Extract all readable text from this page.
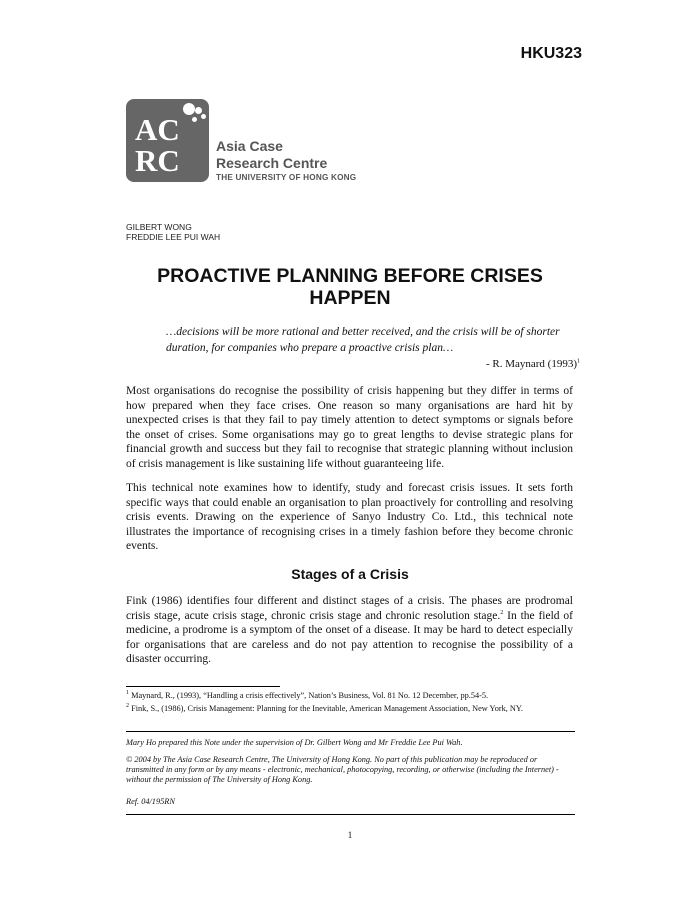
HKU323
AC
RC	Asia Case
Research Centre
THE UNIVERSITY OF HONG KONG
GILBERT WONG
FREDDIE LEE PUI WAH
PROACTIVE PLANNING BEFORE CRISES
HAPPEN
…decisions will be more rational and better received, and the crisis will be of shorter duration, for companies who prepare a proactive crisis plan…
- R. Maynard $(1993)^1$
Most organisations do recognise the possibility of crisis happening but they differ in terms of how prepared when they face crises. One reason so many organisations are hard hit by unexpected crises is that they fail to pay timely attention to detect symptoms or signals before the onset of crises. Some organisations may go to great lengths to devise strategic plans for financial growth and success but they fail to recognise that strategic planning without inclusion of crisis management is like sustaining life without guaranteeing life.
This technical note examines how to identify, study and forecast crisis issues. It sets forth specific ways that could enable an organisation to plan proactively for controlling and resolving crisis events. Drawing on the experience of Sanyo Industry Co. Ltd., this technical note illustrates the importance of recognising crises in a timely fashion before they become chronic events.
Stages of a Crisis
Fink (1986) identifies four different and distinct stages of a crisis. The phases are prodromal crisis stage, acute crisis stage, chronic crisis stage and chronic resolution stage.$^2$ In the field of medicine, a prodrome is a symptom of the onset of a disease. It may be hard to detect especially for organisations that are careless and do not pay attention to recognise the possibility of a disaster occurring.
$^1$ Maynard, R., (1993), “Handling a crisis effectively”, Nation’s Business, Vol. 81 No. 12 December, pp.54-5.
$^2$ Fink, S., (1986), Crisis Management: Planning for the Inevitable, American Management Association, New York, NY.
Mary Ho prepared this Note under the supervision of Dr. Gilbert Wong and Mr Freddie Lee Pui Wah.
© 2004 by The Asia Case Research Centre, The University of Hong Kong. No part of this publication may be reproduced or transmitted in any form or by any means - electronic, mechanical, photocopying, recording, or otherwise (including the Internet) - without the permission of The University of Hong Kong.
Ref. 04/195RN
1
